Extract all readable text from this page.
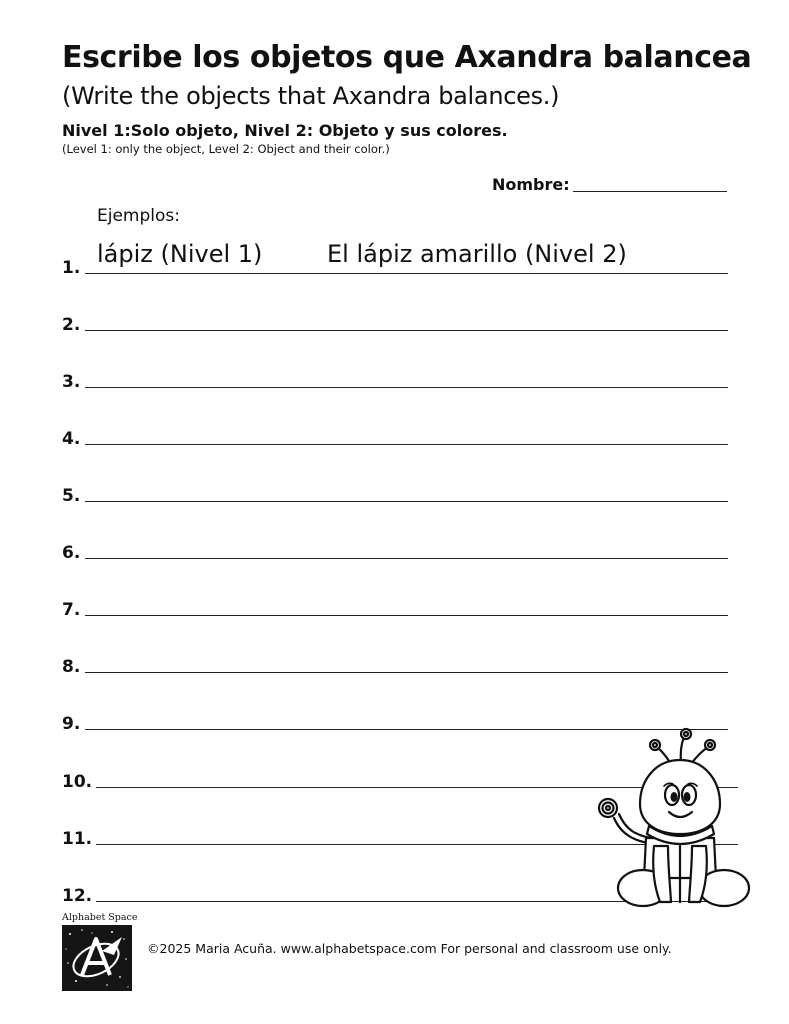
Escribe los objetos que Axandra balancea
(Write the objects that Axandra balances.)
Nivel 1:Solo objeto, Nivel 2: Objeto y sus colores.
(Level 1: only the object, Level 2: Object and their color.)
Nombre:
Ejemplos:
lápiz (Nivel 1)	El lápiz amarillo (Nivel 2)
1.
2.
3.
4.
5.
6.
7.
8.
9.
10.
11.
12.
Alphabet Space
©2025 Maria Acuña. www.alphabetspace.com For personal and classroom use only.
